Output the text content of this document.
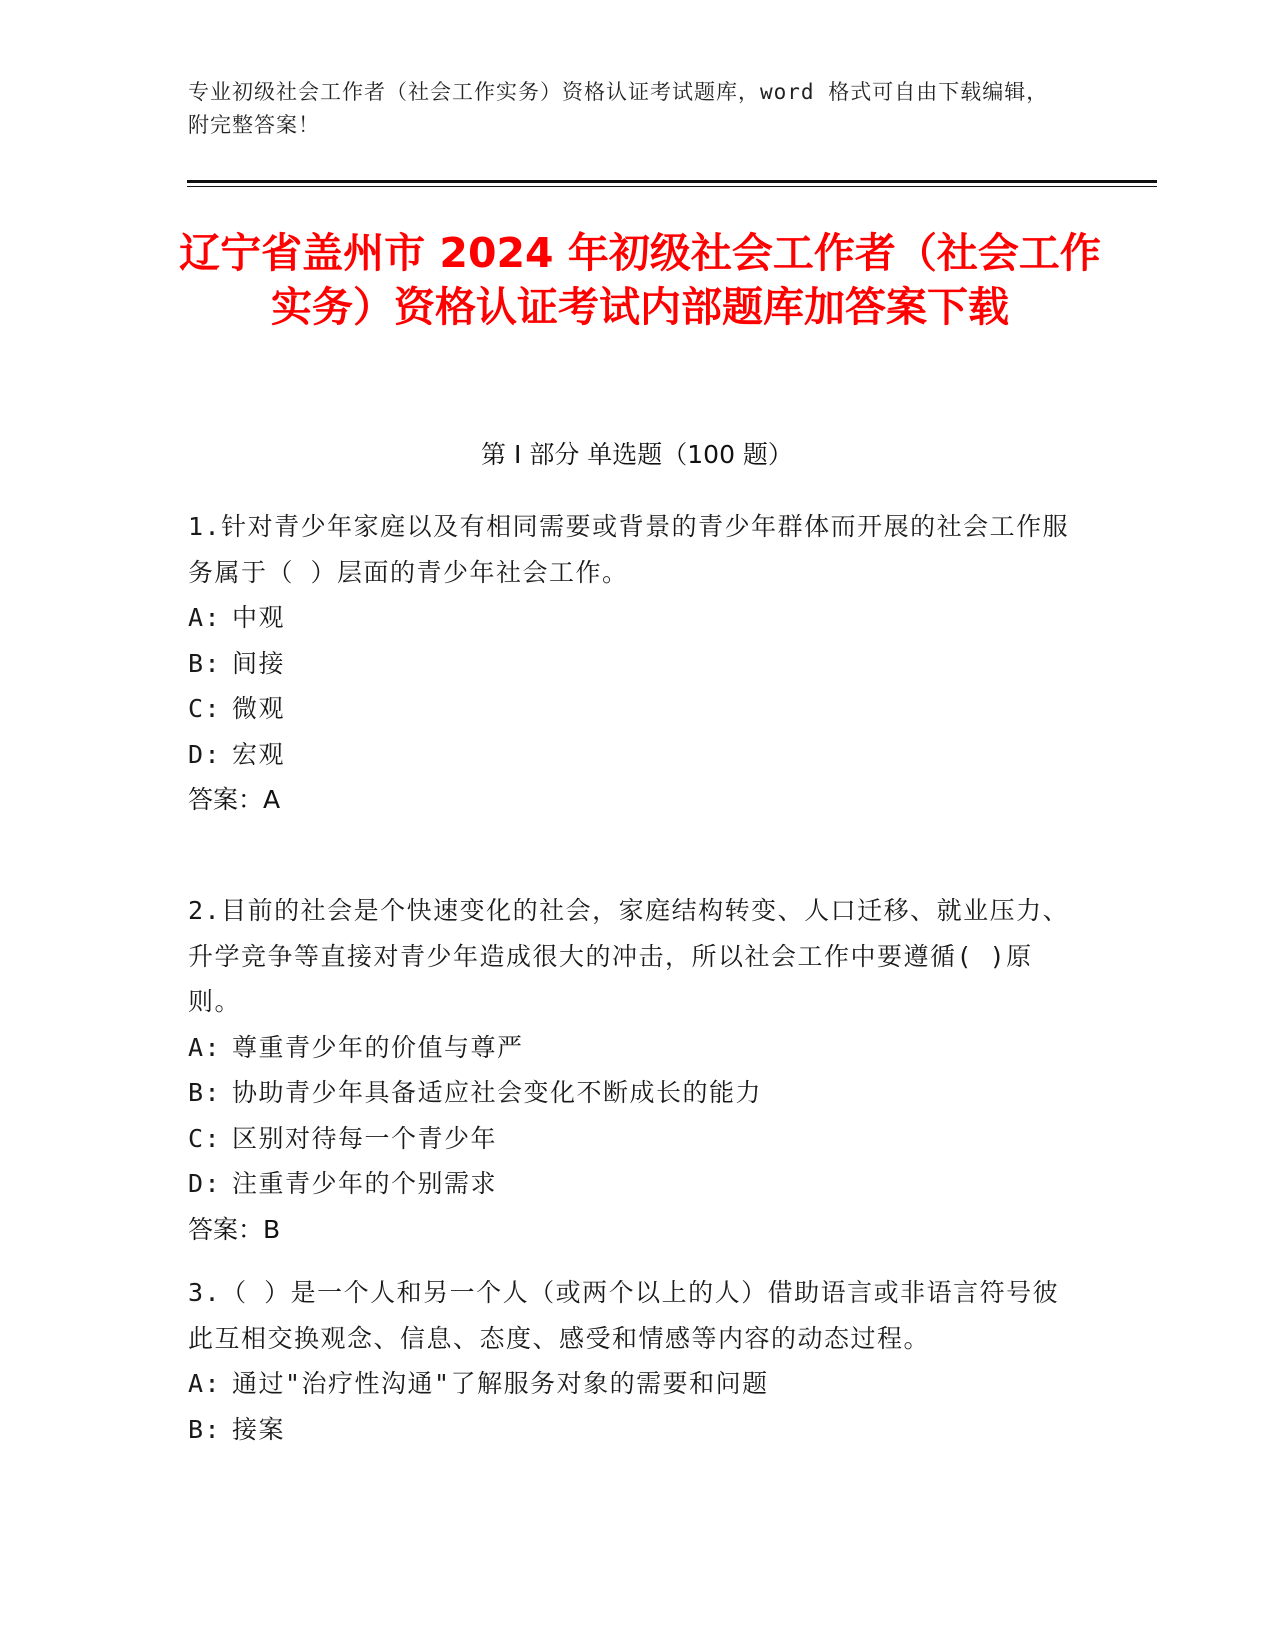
专业初级社会工作者（社会工作实务）资格认证考试题库，word 格式可自由下载编辑，附完整答案！
辽宁省盖州市 2024 年初级社会工作者（社会工作实务）资格认证考试内部题库加答案下载
第 I 部分 单选题（100 题）
1.针对青少年家庭以及有相同需要或背景的青少年群体而开展的社会工作服务属于（ ）层面的青少年社会工作。
A: 中观
B: 间接
C: 微观
D: 宏观
答案：A
2.目前的社会是个快速变化的社会，家庭结构转变、人口迁移、就业压力、升学竞争等直接对青少年造成很大的冲击，所以社会工作中要遵循( )原则。
A: 尊重青少年的价值与尊严
B: 协助青少年具备适应社会变化不断成长的能力
C: 区别对待每一个青少年
D: 注重青少年的个别需求
答案：B
3.（ ）是一个人和另一个人（或两个以上的人）借助语言或非语言符号彼此互相交换观念、信息、态度、感受和情感等内容的动态过程。
A: 通过"治疗性沟通"了解服务对象的需要和问题
B: 接案
